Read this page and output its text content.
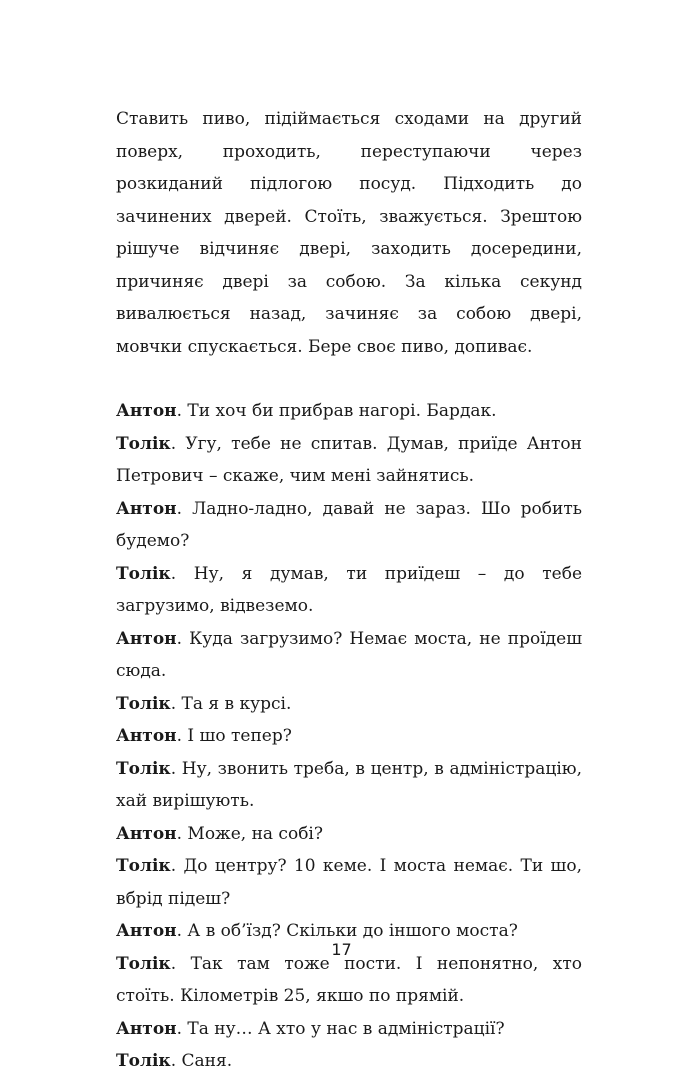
Ставить пиво, підіймається сходами на другий поверх, проходить, переступаючи через розкиданий підлогою посуд. Підходить до зачинених дверей. Стоїть, зважується. Зрештою рішуче відчиняє двері, заходить досередини, причиняє двері за собою. За кілька секунд вивалюється назад, зачиняє за собою двері, мовчки спускається. Бере своє пиво, допиває.

Антон. Ти хоч би прибрав нагорі. Бардак.

Толік. Угу, тебе не спитав. Думав, приїде Антон Петрович – скаже, чим мені зайнятись.

Антон. Ладно-ладно, давай не зараз. Шо робить будемо?

Толік. Ну, я думав, ти приїдеш – до тебе загрузимо, відвеземо.

Антон. Куда загрузимо? Немає моста, не проїдеш сюда.

Толік. Та я в курсі.

Антон. І шо тепер?

Толік. Ну, звонить треба, в центр, в адміністрацію, хай вирішують.

Антон. Може, на собі?

Толік. До центру? 10 кеме. І моста немає. Ти шо, вбрід підеш?

Антон. А в об’їзд? Скільки до іншого моста?

Толік. Так там тоже пости. І непонятно, хто стоїть. Кілометрів 25, якшо по прямій.

Антон. Та ну… А хто у нас в адміністрації?

Толік. Саня.

17
